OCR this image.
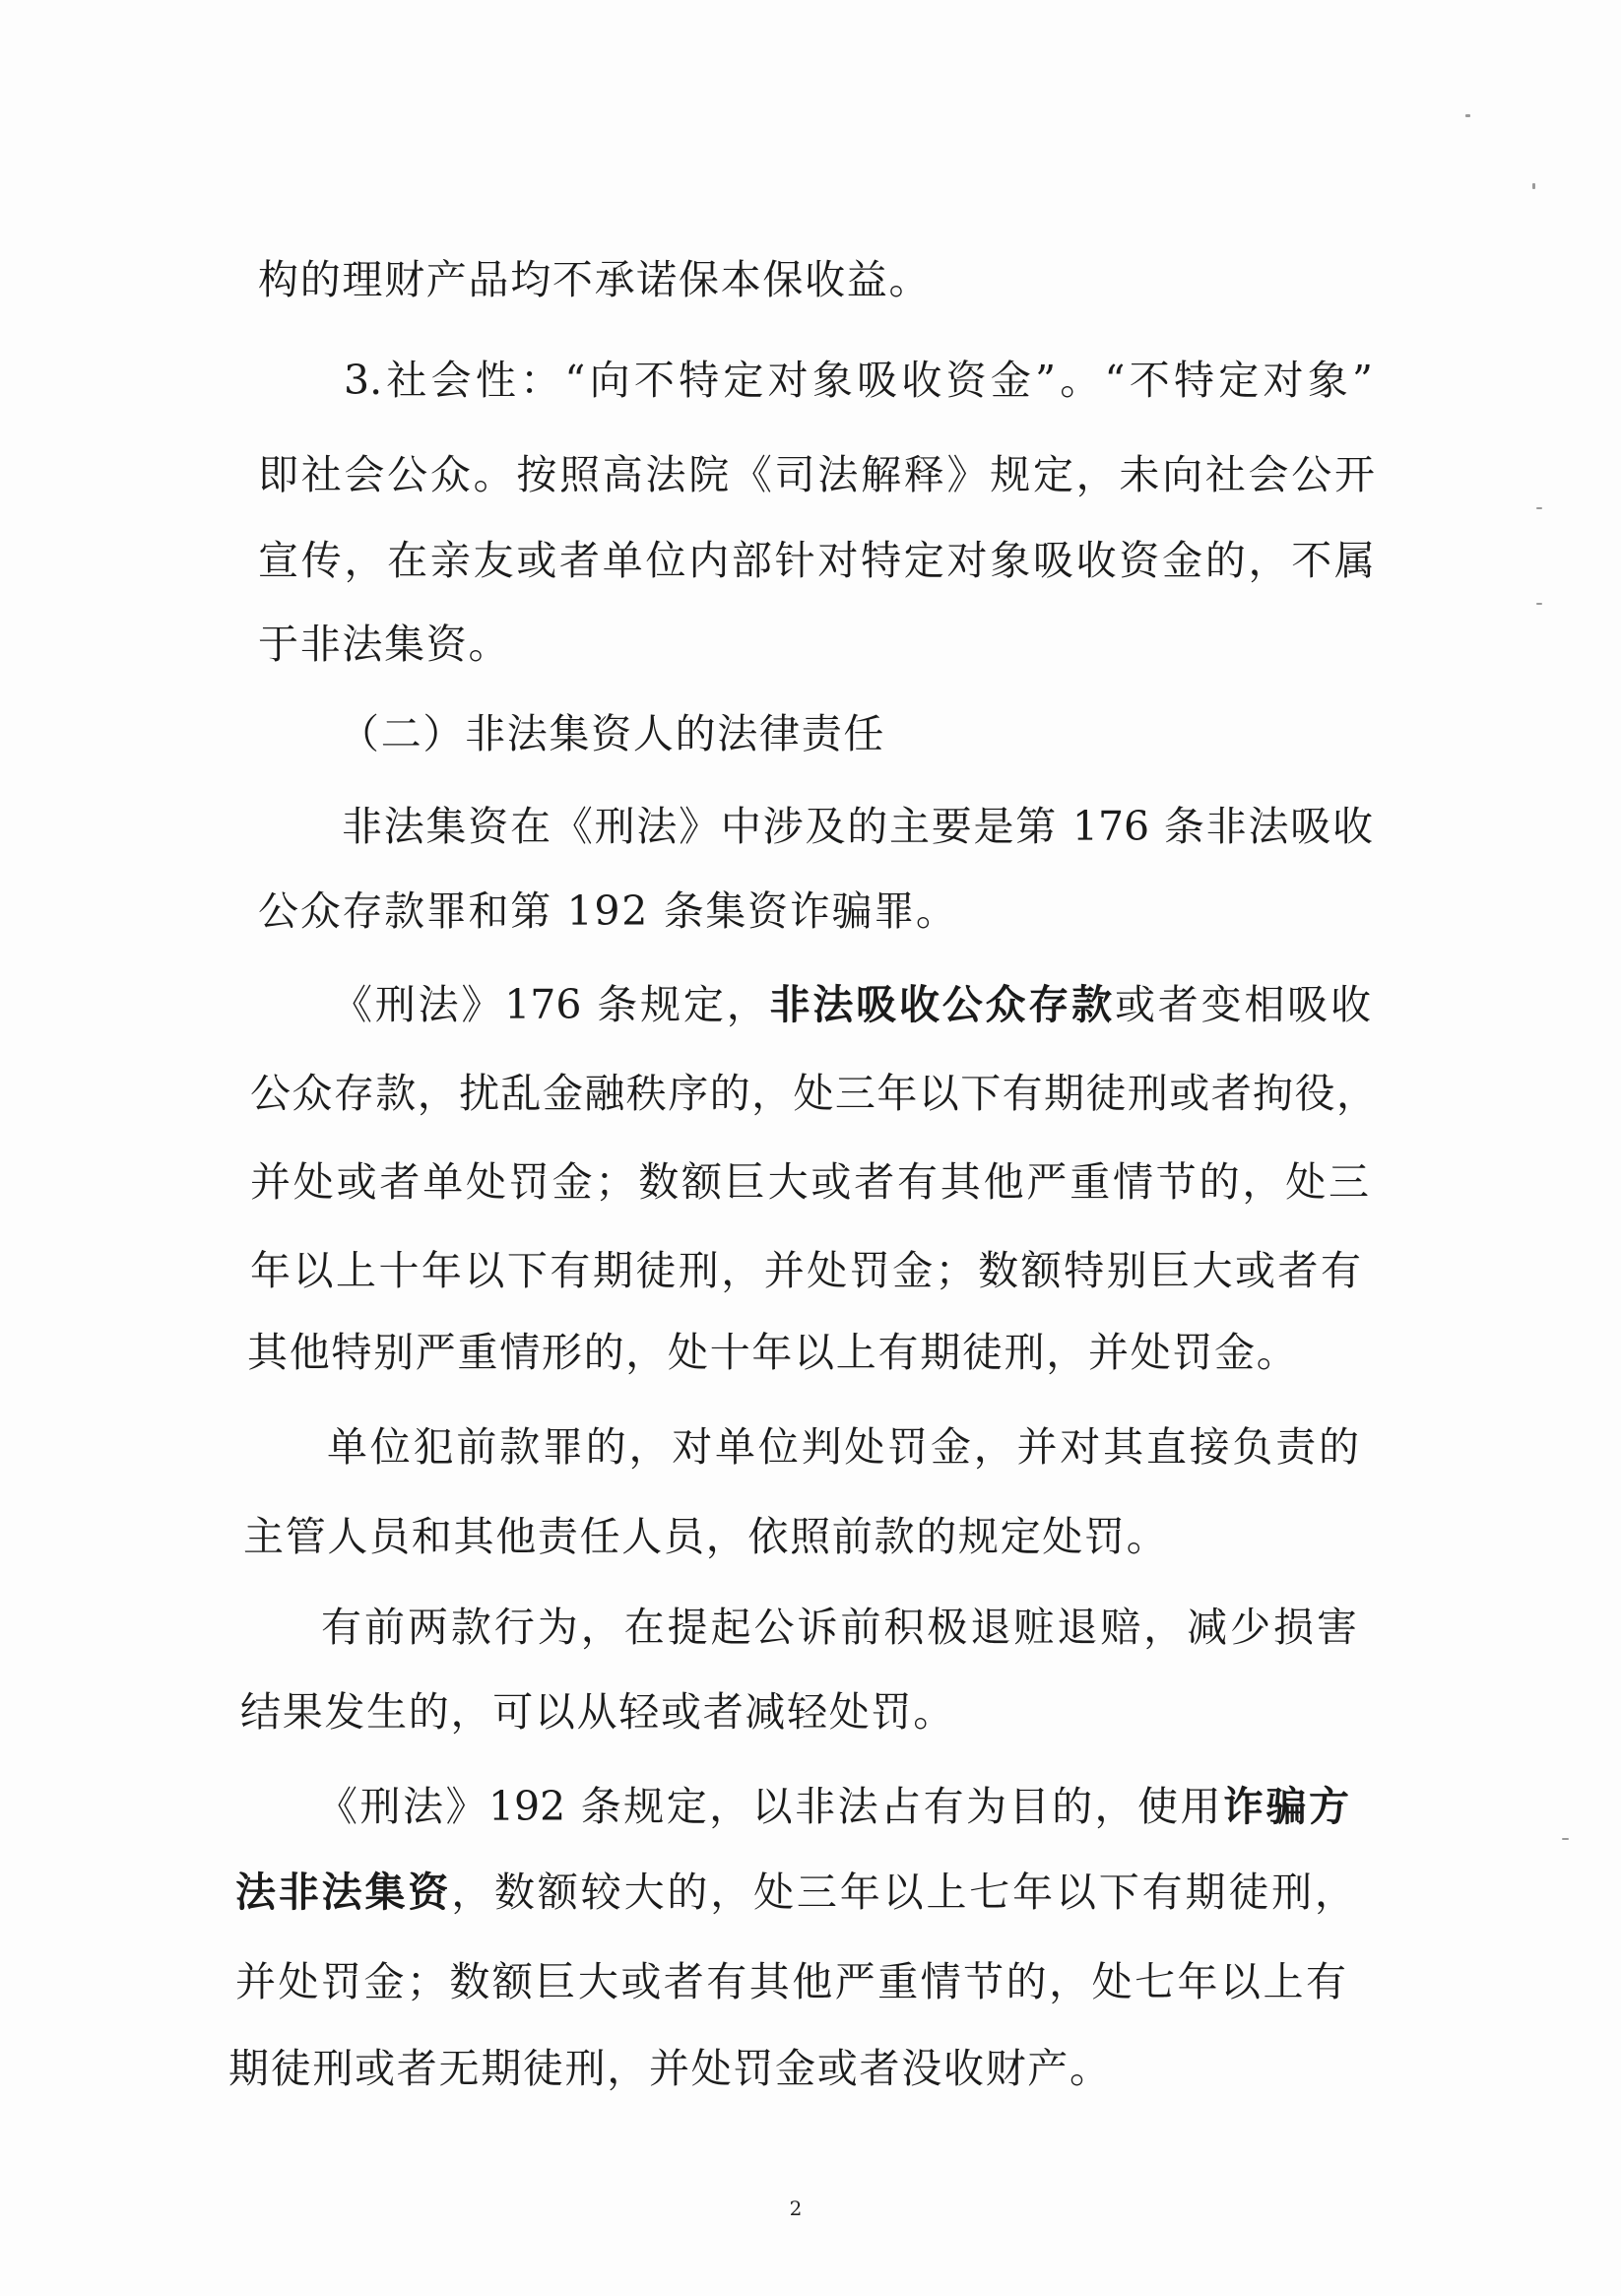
构的理财产品均不承诺保本保收益。
3.社会性：“向不特定对象吸收资金”。“不特定对象”
即社会公众。按照高法院《司法解释》规定，未向社会公开
宣传，在亲友或者单位内部针对特定对象吸收资金的，不属
于非法集资。
（二）非法集资人的法律责任
非法集资在《刑法》中涉及的主要是第 176 条非法吸收
公众存款罪和第 192 条集资诈骗罪。
《刑法》176 条规定，非法吸收公众存款或者变相吸收
公众存款，扰乱金融秩序的，处三年以下有期徒刑或者拘役，
并处或者单处罚金；数额巨大或者有其他严重情节的，处三
年以上十年以下有期徒刑，并处罚金；数额特别巨大或者有
其他特别严重情形的，处十年以上有期徒刑，并处罚金。
单位犯前款罪的，对单位判处罚金，并对其直接负责的
主管人员和其他责任人员，依照前款的规定处罚。
有前两款行为，在提起公诉前积极退赃退赔，减少损害
结果发生的，可以从轻或者减轻处罚。
《刑法》192 条规定，以非法占有为目的，使用诈骗方
法非法集资，数额较大的，处三年以上七年以下有期徒刑，
并处罚金；数额巨大或者有其他严重情节的，处七年以上有
期徒刑或者无期徒刑，并处罚金或者没收财产。
2
